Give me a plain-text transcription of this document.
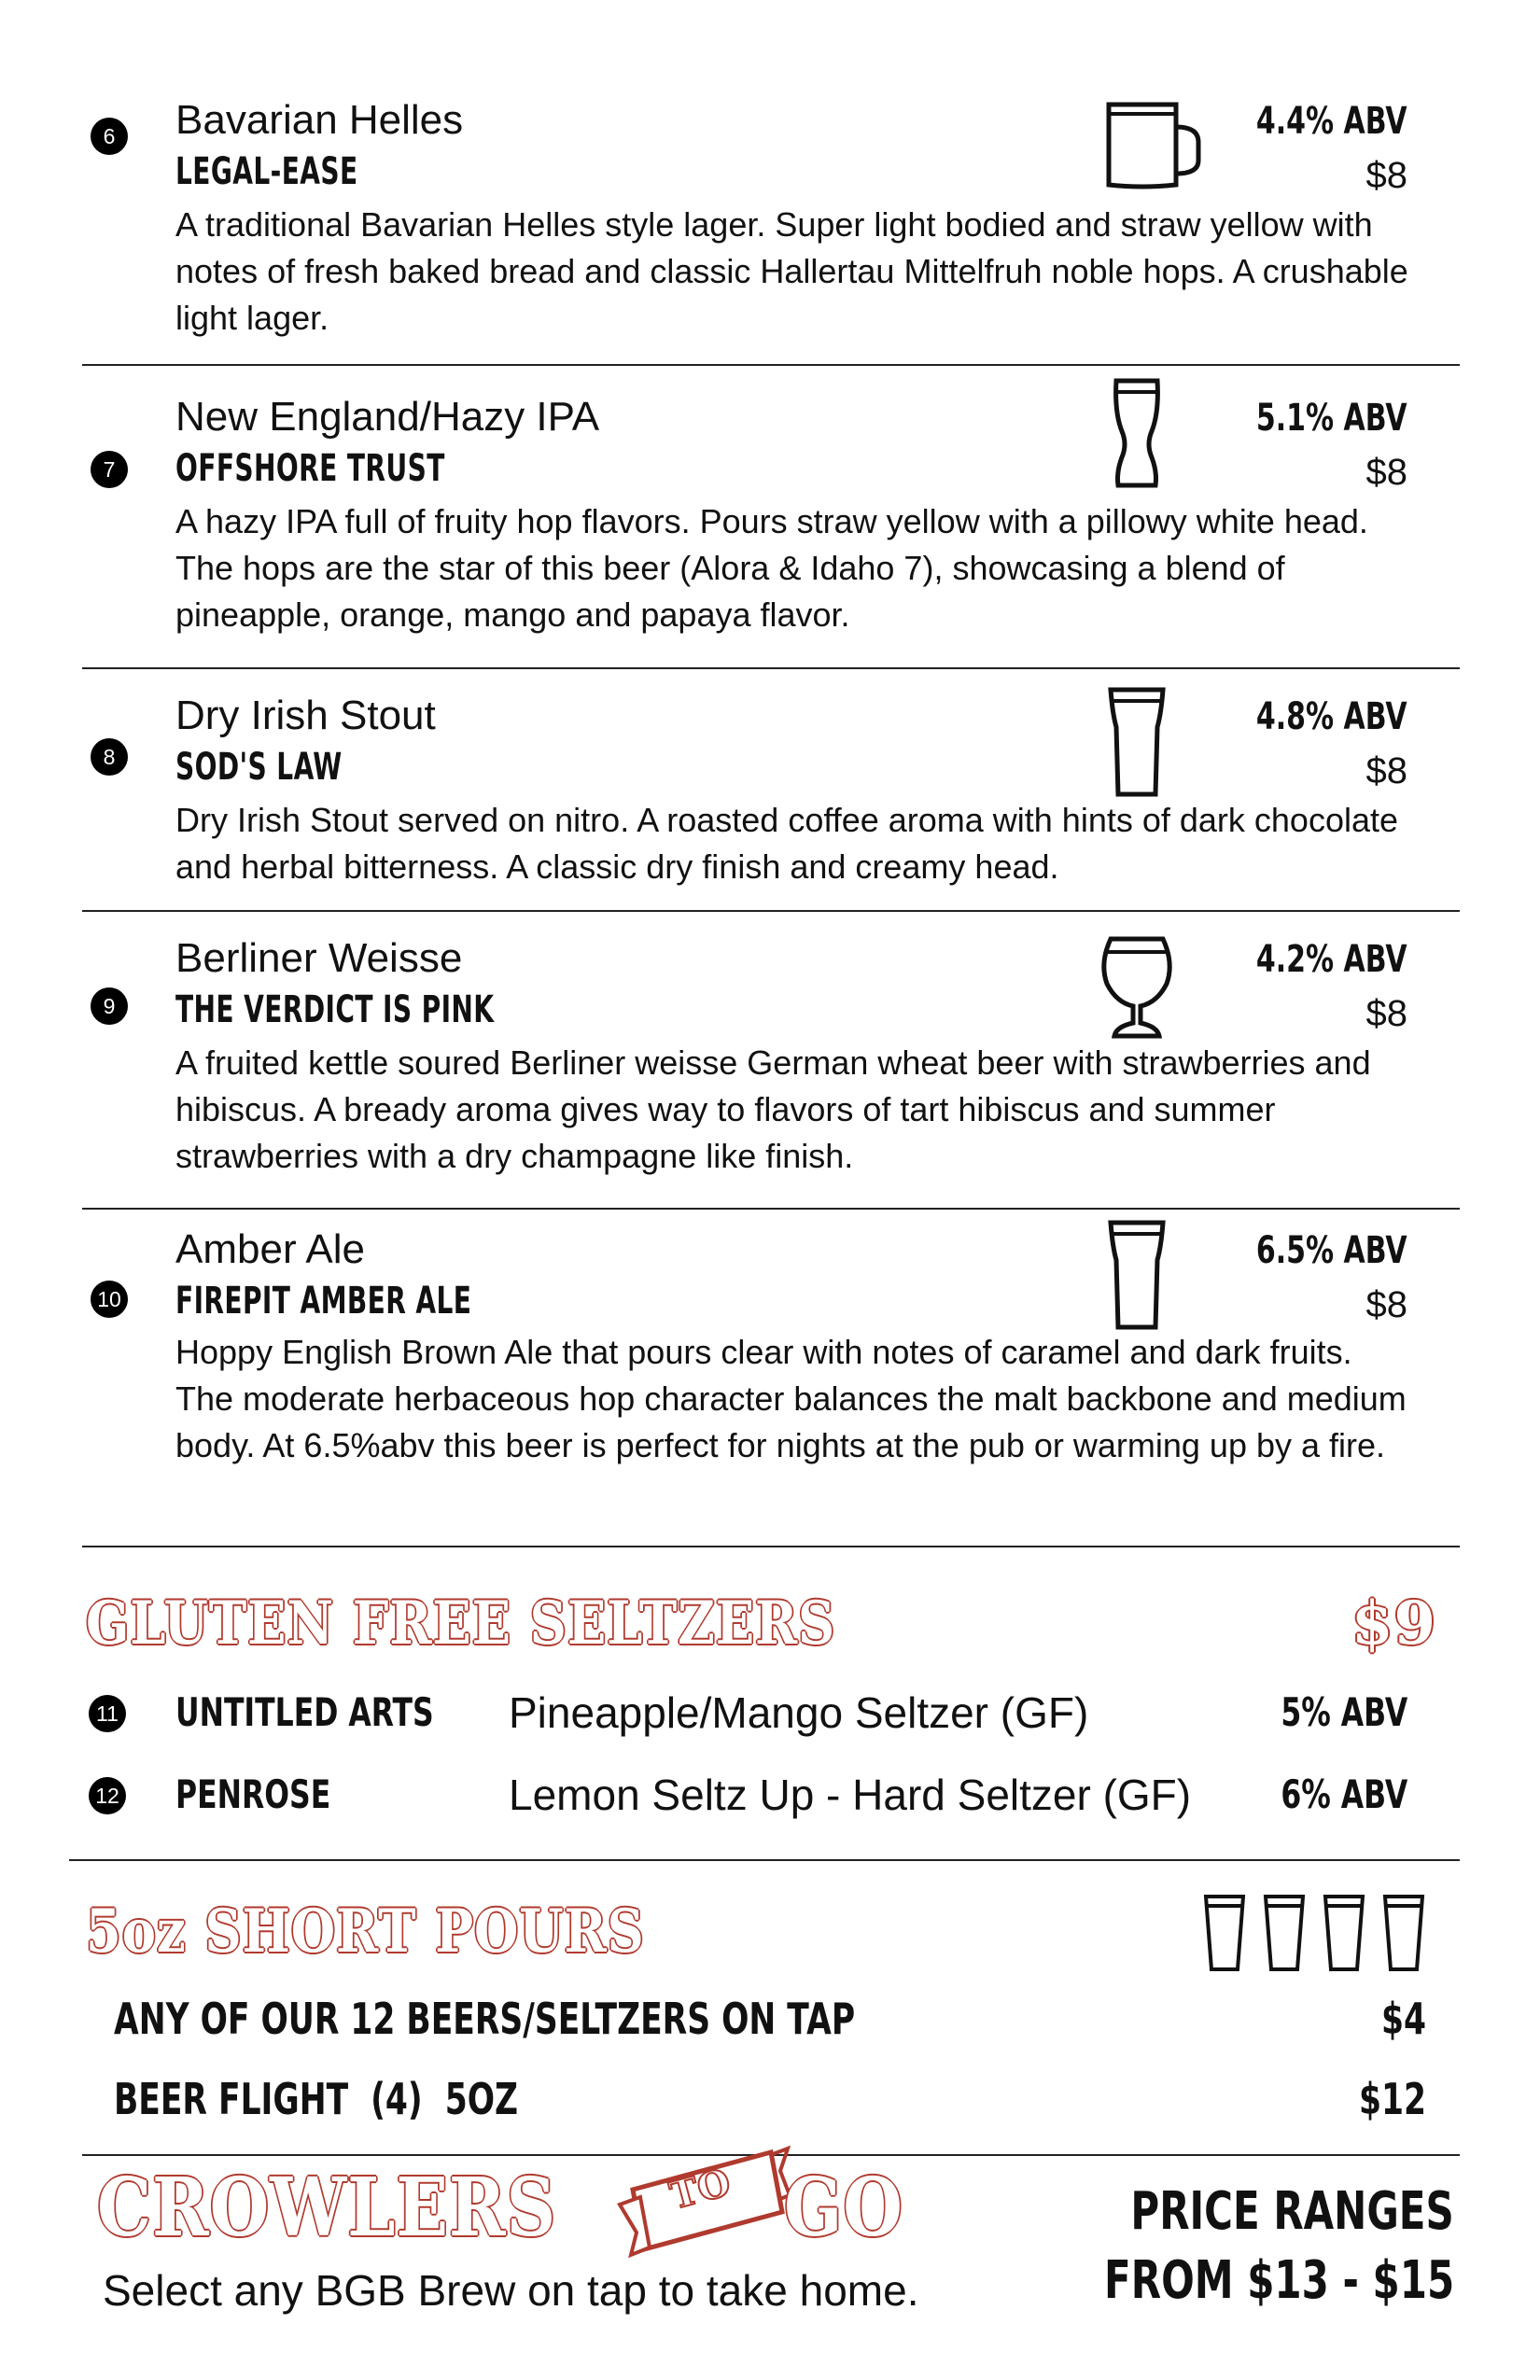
6	Bavarian Helles
LEGAL-EASE
4.4% ABV
$8
A traditional Bavarian Helles style lager. Super light bodied and straw yellow with notes of fresh baked bread and classic Hallertau Mittelfruh noble hops. A crushable light lager.
7
New England/Hazy IPA
OFFSHORE TRUST
5.1% ABV
$8
A hazy IPA full of fruity hop flavors. Pours straw yellow with a pillowy white head. The hops are the star of this beer (Alora & Idaho 7), showcasing a blend of pineapple, orange, mango and papaya flavor.
8
Dry Irish Stout
SOD'S LAW
4.8% ABV
$8
Dry Irish Stout served on nitro. A roasted coffee aroma with hints of dark chocolate and herbal bitterness. A classic dry finish and creamy head.
9
Berliner Weisse
THE VERDICT IS PINK
4.2% ABV
$8
A fruited kettle soured Berliner weisse German wheat beer with strawberries and hibiscus. A bready aroma gives way to flavors of tart hibiscus and summer strawberries with a dry champagne like finish.
10
Amber Ale
FIREPIT AMBER ALE
6.5% ABV
$8
Hoppy English Brown Ale that pours clear with notes of caramel and dark fruits. The moderate herbaceous hop character balances the malt backbone and medium body. At 6.5%abv this beer is perfect for nights at the pub or warming up by a fire.
GLUTEN FREE SELTZERS	$9
11 UNTITLED ARTS Pineapple/Mango Seltzer (GF)	5% ABV
12 PENROSE	Lemon Seltz Up - Hard Seltzer (GF) 6% ABV
5oz SHORT POURS
ANY OF OUR 12 BEERS/SELTZERS ON TAP	$4
BEER FLIGHT  (4)  5OZ	$12
CROWLERS	TO GO
Select any BGB Brew on tap to take home.
PRICE RANGES
FROM $13 - $15
